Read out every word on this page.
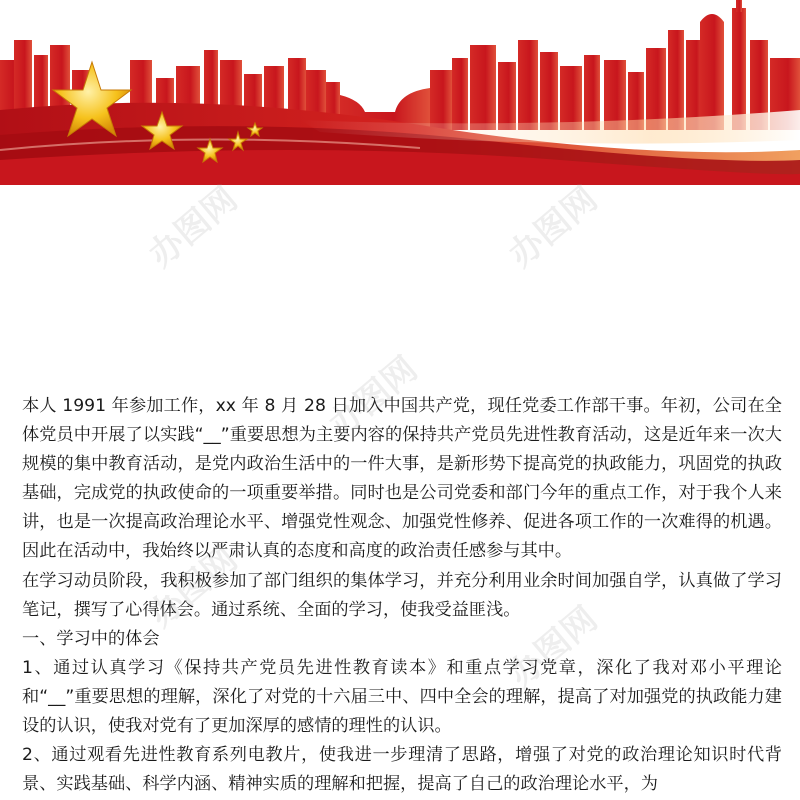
办图网	办图网
办图网
办图网
办图网

本人 1991 年参加工作，xx 年 8 月 28 日加入中国共产党，现任党委工作部干事。年初，公司在全体党员中开展了以实践“__”重要思想为主要内容的保持共产党员先进性教育活动，这是近年来一次大规模的集中教育活动，是党内政治生活中的一件大事，是新形势下提高党的执政能力，巩固党的执政基础，完成党的执政使命的一项重要举措。同时也是公司党委和部门今年的重点工作，对于我个人来讲，也是一次提高政治理论水平、增强党性观念、加强党性修养、促进各项工作的一次难得的机遇。因此在活动中，我始终以严肃认真的态度和高度的政治责任感参与其中。

在学习动员阶段，我积极参加了部门组织的集体学习，并充分利用业余时间加强自学，认真做了学习笔记，撰写了心得体会。通过系统、全面的学习，使我受益匪浅。

一、学习中的体会

1、通过认真学习《保持共产党员先进性教育读本》和重点学习党章，深化了我对邓小平理论和“__”重要思想的理解，深化了对党的十六届三中、四中全会的理解，提高了对加强党的执政能力建设的认识，使我对党有了更加深厚的感情的理性的认识。

2、通过观看先进性教育系列电教片，使我进一步理清了思路，增强了对党的政治理论知识时代背景、实践基础、科学内涵、精神实质的理解和把握，提高了自己的政治理论水平，为
